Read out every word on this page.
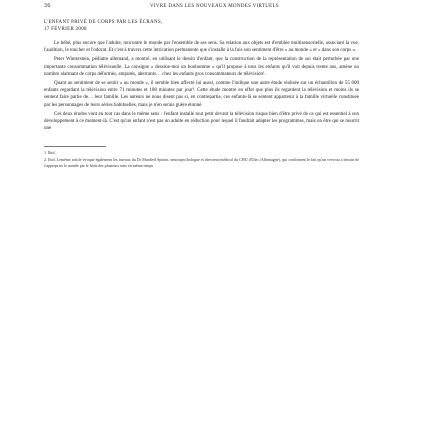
36	VIVRE DANS LES NOUVEAUX MONDES VIRTUELS

L'ENFANT PRIVÉ DE CORPS PAR LES ÉCRANS,

17 FÉVRIER 2008

Le bébé, plus encore que l'adulte, rencontre le monde par l'ensemble de ses sens. Sa relation aux objets est d'emblée multisensorielle, associant la vue, l'audition, le toucher et l'odorat. Et c'est à travers cette intrication permanente que s'installe à la fois son sentiment d'être « au monde » et « dans son corps ».

Peter Winterstein, pédiatre allemand, a montré, en utilisant le dessin d'enfant, que la construction de la représentation de soi était perturbée par une importante consommation télévisuelle. La consigne « dessine-moi un bonhomme » qu'il propose à tous les enfants qu'il voit depuis trente ans, amène un nombre alarmant de corps déformés, amputés, aberrants… chez les enfants gros consommateurs de télévision¹.

Quant au sentiment de se sentir « au monde », il semble bien affecté lui aussi, comme l'indique une autre étude réalisée sur un échantillon de 55 000 enfants regardant la télévision entre 71 minutes et 108 minutes par jour². Cette étude montre en effet que plus ils regardent la télévision et moins ils se sentent faire partie de… leur famille. Les auteurs ne nous disent pas si, en contrepartie, ces enfants-là se sentent appartenir à la famille virtuelle constituée par les personnages de leurs séries habituelles, mais je n'en serais guère étonné.

Ces deux études vont en tout cas dans le même sens : l'enfant installé tout petit devant la télévision risque bien d'être privé de ce qui est essentiel à son développement à ce moment-là. C'est qu'un enfant n'est pas un adulte en réduction pour lequel il faudrait adapter les programmes, mais un être qui se nourrit une

1. Ibid.

2. Ibid. Lemême article évoque également les travaux du Dr Manfred Spitzer, neuropsychologue et directeur médical du CHU d'Ulm (Allemagne), qui confirment le fait qu'un cerveau a besoin de s'approprier le monde par le biais des plusieurs sens en même temps.
